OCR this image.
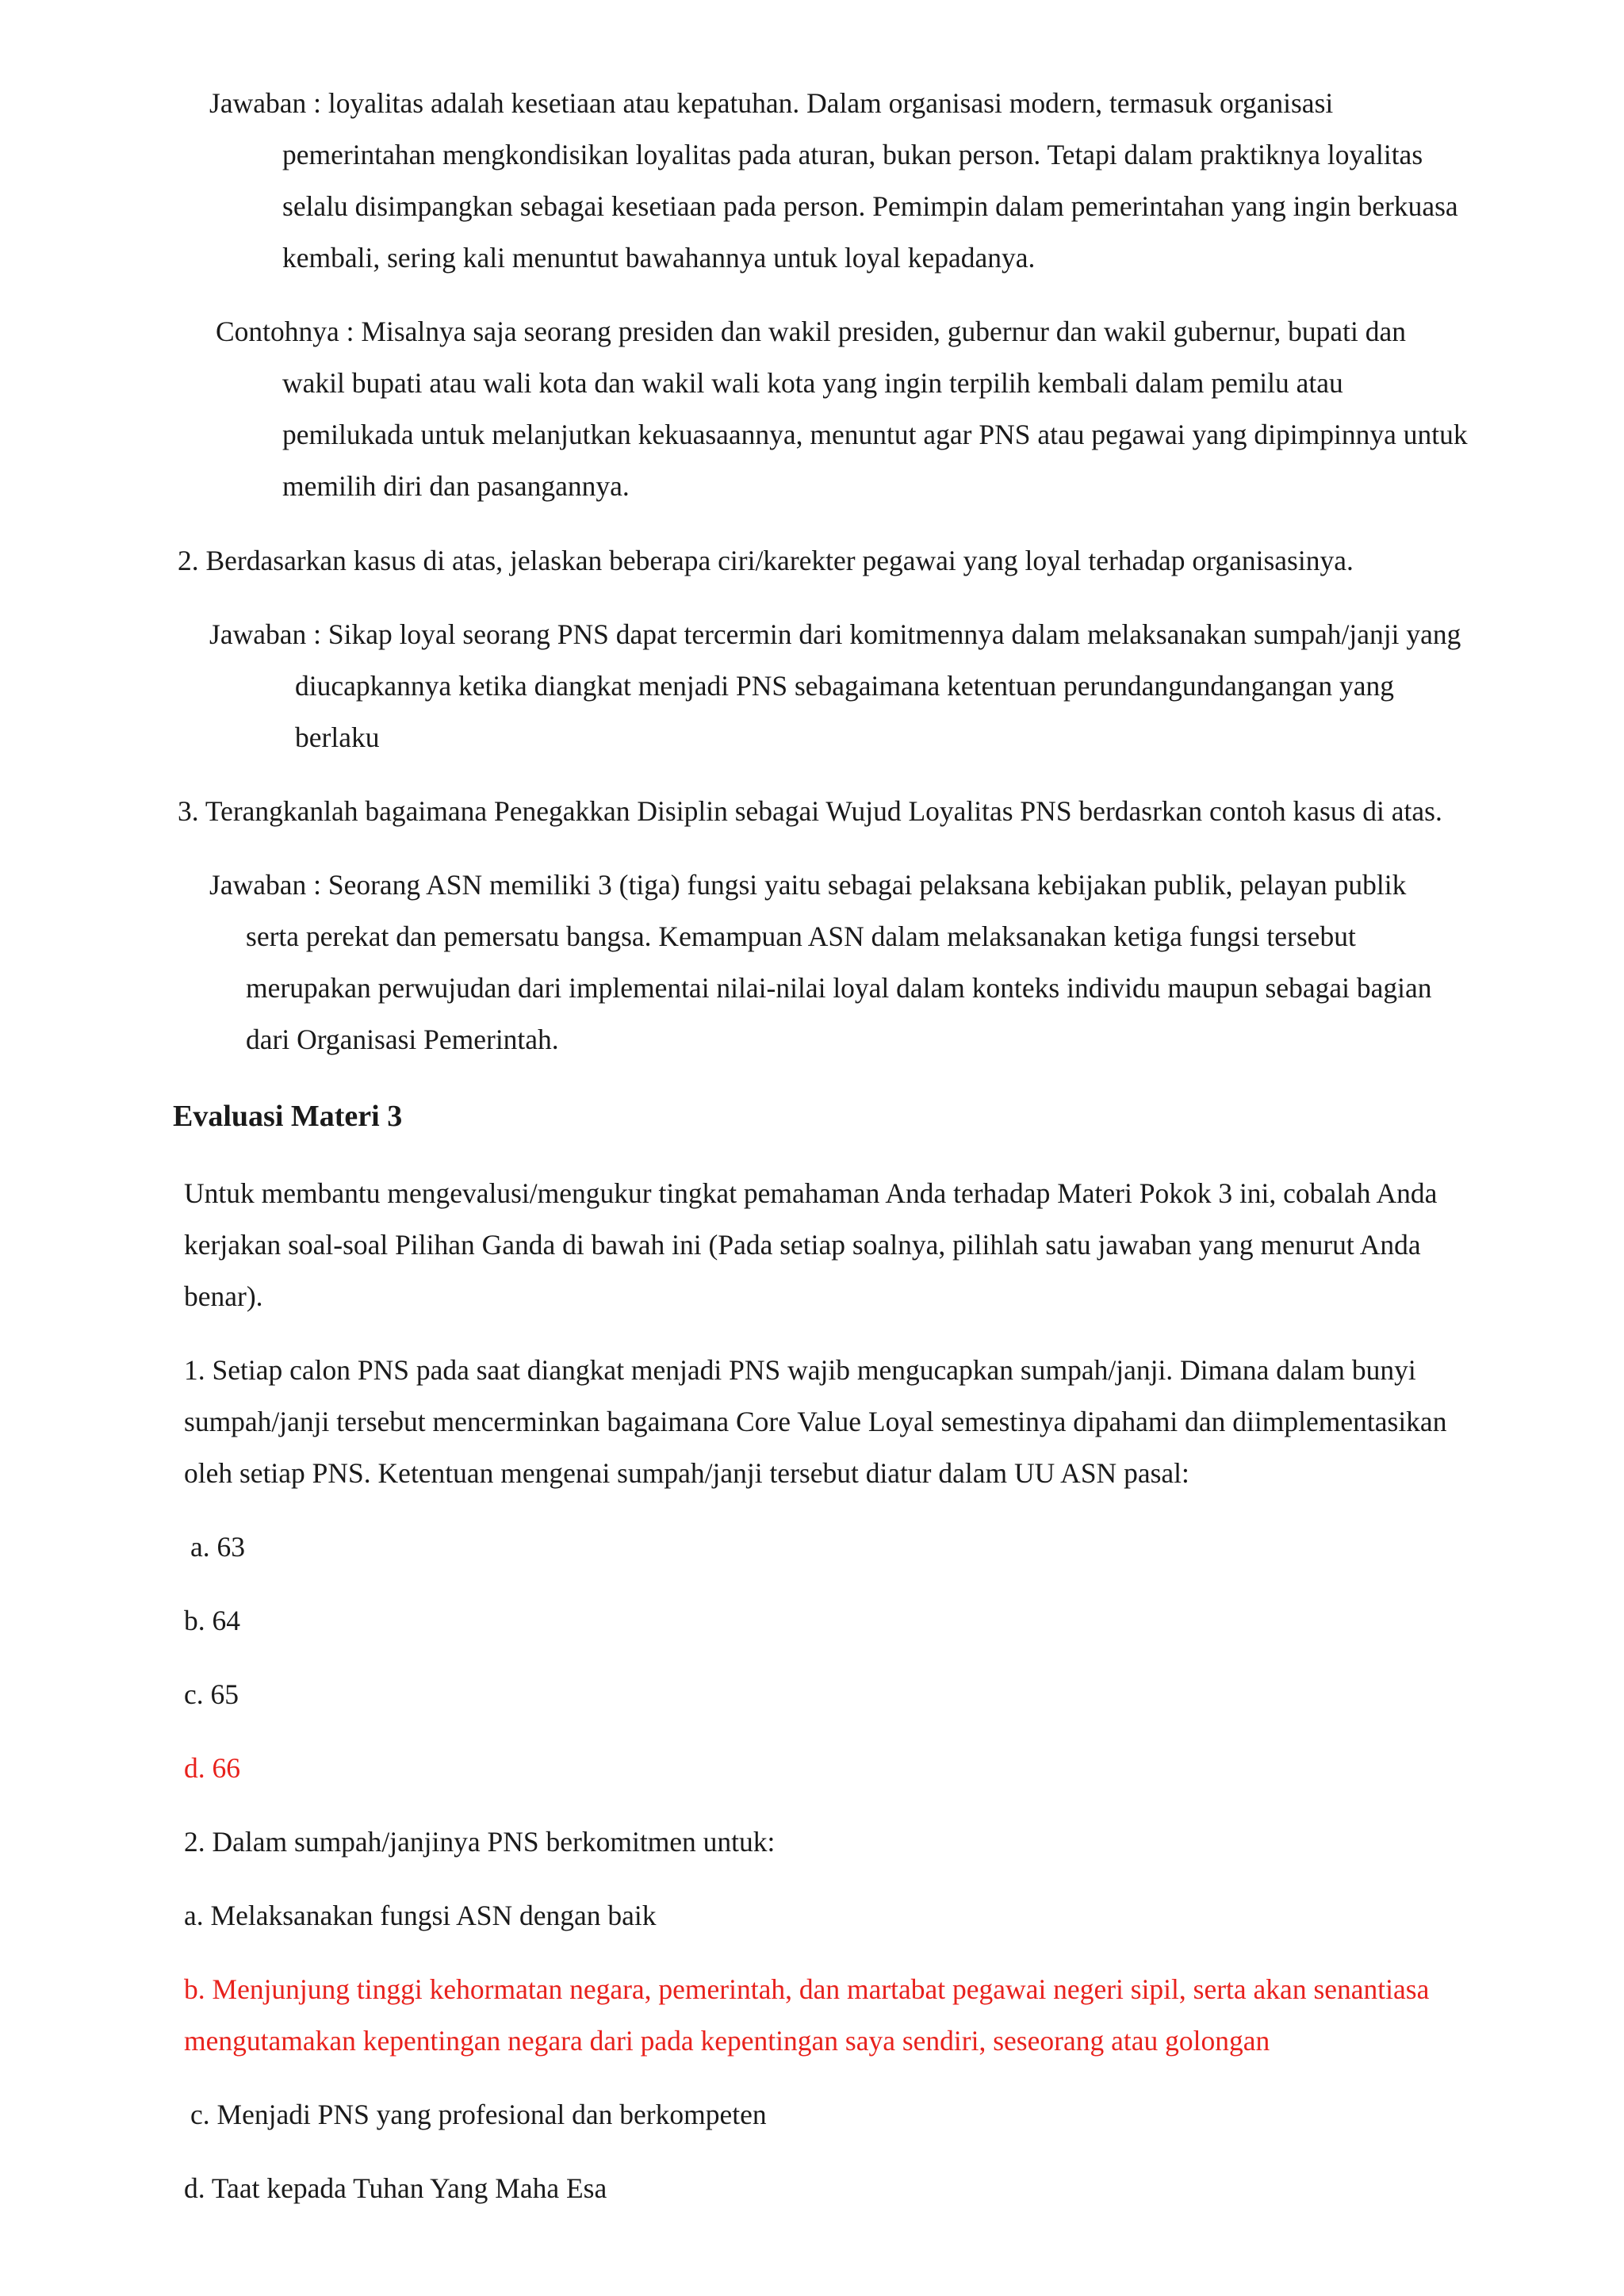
Jawaban : loyalitas adalah kesetiaan atau kepatuhan. Dalam organisasi modern, termasuk organisasi
pemerintahan mengkondisikan loyalitas pada aturan, bukan person. Tetapi dalam praktiknya loyalitas
selalu disimpangkan sebagai kesetiaan pada person. Pemimpin dalam pemerintahan yang ingin berkuasa
kembali, sering kali menuntut bawahannya untuk loyal kepadanya.
Contohnya : Misalnya saja seorang presiden dan wakil presiden, gubernur dan wakil gubernur, bupati dan
wakil bupati atau wali kota dan wakil wali kota yang ingin terpilih kembali dalam pemilu atau
pemilukada untuk melanjutkan kekuasaannya, menuntut agar PNS atau pegawai yang dipimpinnya untuk
memilih diri dan pasangannya.
2. Berdasarkan kasus di atas, jelaskan beberapa ciri/karekter pegawai yang loyal terhadap organisasinya.
Jawaban : Sikap loyal seorang PNS dapat tercermin dari komitmennya dalam melaksanakan sumpah/janji yang
diucapkannya ketika diangkat menjadi PNS sebagaimana ketentuan perundangundangangan yang
berlaku
3. Terangkanlah bagaimana Penegakkan Disiplin sebagai Wujud Loyalitas PNS berdasrkan contoh kasus di atas.
Jawaban : Seorang ASN memiliki 3 (tiga) fungsi yaitu sebagai pelaksana kebijakan publik, pelayan publik
serta perekat dan pemersatu bangsa. Kemampuan ASN dalam melaksanakan ketiga fungsi tersebut
merupakan perwujudan dari implementai nilai-nilai loyal dalam konteks individu maupun sebagai bagian
dari Organisasi Pemerintah.
Evaluasi Materi 3
Untuk membantu mengevalusi/mengukur tingkat pemahaman Anda terhadap Materi Pokok 3 ini, cobalah Anda
kerjakan soal-soal Pilihan Ganda di bawah ini (Pada setiap soalnya, pilihlah satu jawaban yang menurut Anda
benar).
1. Setiap calon PNS pada saat diangkat menjadi PNS wajib mengucapkan sumpah/janji. Dimana dalam bunyi
sumpah/janji tersebut mencerminkan bagaimana Core Value Loyal semestinya dipahami dan diimplementasikan
oleh setiap PNS. Ketentuan mengenai sumpah/janji tersebut diatur dalam UU ASN pasal:
a. 63
b. 64
c. 65
d. 66
2. Dalam sumpah/janjinya PNS berkomitmen untuk:
a. Melaksanakan fungsi ASN dengan baik
b. Menjunjung tinggi kehormatan negara, pemerintah, dan martabat pegawai negeri sipil, serta akan senantiasa
mengutamakan kepentingan negara dari pada kepentingan saya sendiri, seseorang atau golongan
c. Menjadi PNS yang profesional dan berkompeten
d. Taat kepada Tuhan Yang Maha Esa
